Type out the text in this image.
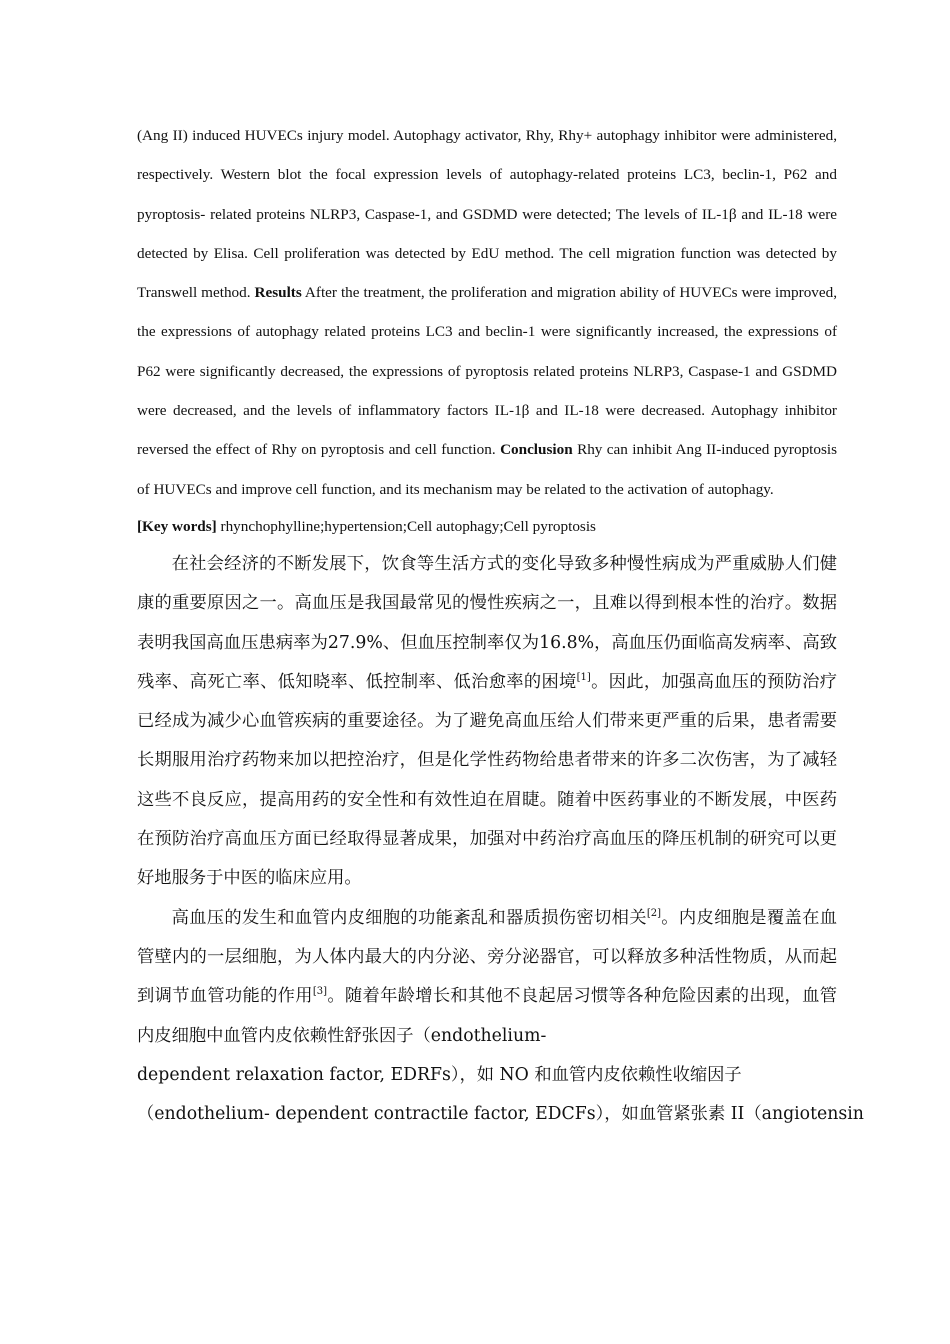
(Ang II) induced HUVECs injury model. Autophagy activator, Rhy, Rhy+ autophagy inhibitor were administered, respectively. Western blot the focal expression levels of autophagy-related proteins LC3, beclin-1, P62 and pyroptosis- related proteins NLRP3, Caspase-1, and GSDMD were detected; The levels of IL-1β and IL-18 were detected by Elisa. Cell proliferation was detected by EdU method. The cell migration function was detected by Transwell method. Results After the treatment, the proliferation and migration ability of HUVECs were improved, the expressions of autophagy related proteins LC3 and beclin-1 were significantly increased, the expressions of P62 were significantly decreased, the expressions of pyroptosis related proteins NLRP3, Caspase-1 and GSDMD were decreased, and the levels of inflammatory factors IL-1β and IL-18 were decreased. Autophagy inhibitor reversed the effect of Rhy on pyroptosis and cell function. Conclusion Rhy can inhibit Ang II-induced pyroptosis of HUVECs and improve cell function, and its mechanism may be related to the activation of autophagy.

[Key words] rhynchophylline;hypertension;Cell autophagy;Cell pyroptosis

在社会经济的不断发展下，饮食等生活方式的变化导致多种慢性病成为严重威胁人们健康的重要原因之一。高血压是我国最常见的慢性疾病之一，且难以得到根本性的治疗。数据表明我国高血压患病率为27.9%、但血压控制率仅为16.8%，高血压仍面临高发病率、高致残率、高死亡率、低知晓率、低控制率、低治愈率的困境[1]。因此，加强高血压的预防治疗已经成为减少心血管疾病的重要途径。为了避免高血压给人们带来更严重的后果，患者需要长期服用治疗药物来加以把控治疗，但是化学性药物给患者带来的许多二次伤害，为了减轻这些不良反应，提高用药的安全性和有效性迫在眉睫。随着中医药事业的不断发展，中医药在预防治疗高血压方面已经取得显著成果，加强对中药治疗高血压的降压机制的研究可以更好地服务于中医的临床应用。

高血压的发生和血管内皮细胞的功能紊乱和器质损伤密切相关[2]。内皮细胞是覆盖在血管壁内的一层细胞，为人体内最大的内分泌、旁分泌器官，可以释放多种活性物质，从而起到调节血管功能的作用[3]。随着年龄增长和其他不良起居习惯等各种危险因素的出现，血管内皮细胞中血管内皮依赖性舒张因子（endothelium-
dependent relaxation factor, EDRFs），如 NO 和血管内皮依赖性收缩因子
（endothelium- dependent contractile factor, EDCFs），如血管紧张素 II（angiotensin
